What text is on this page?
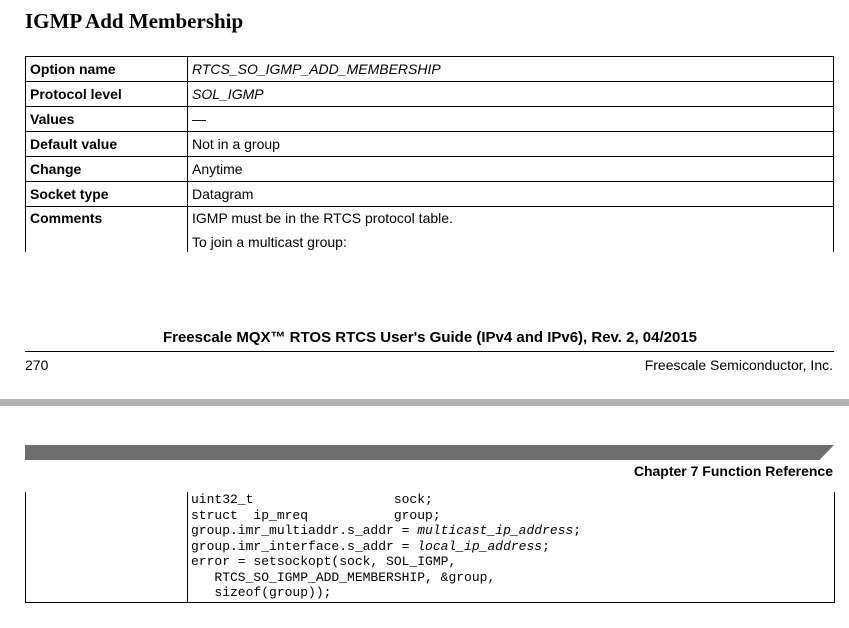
IGMP Add Membership
Option name	RTCS_SO_IGMP_ADD_MEMBERSHIP
Protocol level	SOL_IGMP
Values	—
Default value	Not in a group
Change	Anytime
Socket type	Datagram
Comments	IGMP must be in the RTCS protocol table.
To join a multicast group:
Freescale MQX™ RTOS RTCS User's Guide (IPv4 and IPv6), Rev. 2, 04/2015
270	Freescale Semiconductor, Inc.
Chapter 7 Function Reference
uint32_t                  sock;
struct  ip_mreq           group;
group.imr_multiaddr.s_addr = multicast_ip_address;
group.imr_interface.s_addr = local_ip_address;
error = setsockopt(sock, SOL_IGMP,
RTCS_SO_IGMP_ADD_MEMBERSHIP, &group,
sizeof(group));
